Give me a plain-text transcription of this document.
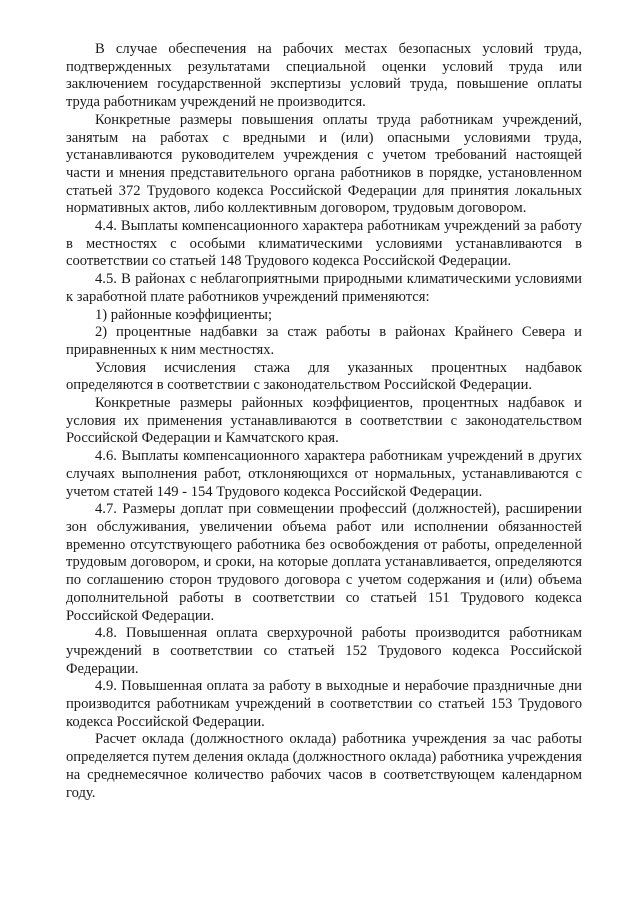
В случае обеспечения на рабочих местах безопасных условий труда, подтвержденных результатами специальной оценки условий труда или заключением государственной экспертизы условий труда, повышение оплаты труда работникам учреждений не производится.

Конкретные размеры повышения оплаты труда работникам учреждений, занятым на работах с вредными и (или) опасными условиями труда, устанавливаются руководителем учреждения с учетом требований настоящей части и мнения представительного органа работников в порядке, установленном статьей 372 Трудового кодекса Российской Федерации для принятия локальных нормативных актов, либо коллективным договором, трудовым договором.

4.4. Выплаты компенсационного характера работникам учреждений за работу в местностях с особыми климатическими условиями устанавливаются в соответствии со статьей 148 Трудового кодекса Российской Федерации.

4.5. В районах с неблагоприятными природными климатическими условиями к заработной плате работников учреждений применяются:

1) районные коэффициенты;

2) процентные надбавки за стаж работы в районах Крайнего Севера и приравненных к ним местностях.

Условия исчисления стажа для указанных процентных надбавок определяются в соответствии с законодательством Российской Федерации.

Конкретные размеры районных коэффициентов, процентных надбавок и условия их применения устанавливаются в соответствии с законодательством Российской Федерации и Камчатского края.

4.6. Выплаты компенсационного характера работникам учреждений в других случаях выполнения работ, отклоняющихся от нормальных, устанавливаются с учетом статей 149 - 154 Трудового кодекса Российской Федерации.

4.7. Размеры доплат при совмещении профессий (должностей), расширении зон обслуживания, увеличении объема работ или исполнении обязанностей временно отсутствующего работника без освобождения от работы, определенной трудовым договором, и сроки, на которые доплата устанавливается, определяются по соглашению сторон трудового договора с учетом содержания и (или) объема дополнительной работы в соответствии со статьей 151 Трудового кодекса Российской Федерации.

4.8. Повышенная оплата сверхурочной работы производится работникам учреждений в соответствии со статьей 152 Трудового кодекса Российской Федерации.

4.9. Повышенная оплата за работу в выходные и нерабочие праздничные дни производится работникам учреждений в соответствии со статьей 153 Трудового кодекса Российской Федерации.

Расчет оклада (должностного оклада) работника учреждения за час работы определяется путем деления оклада (должностного оклада) работника учреждения на среднемесячное количество рабочих часов в соответствующем календарном году.
